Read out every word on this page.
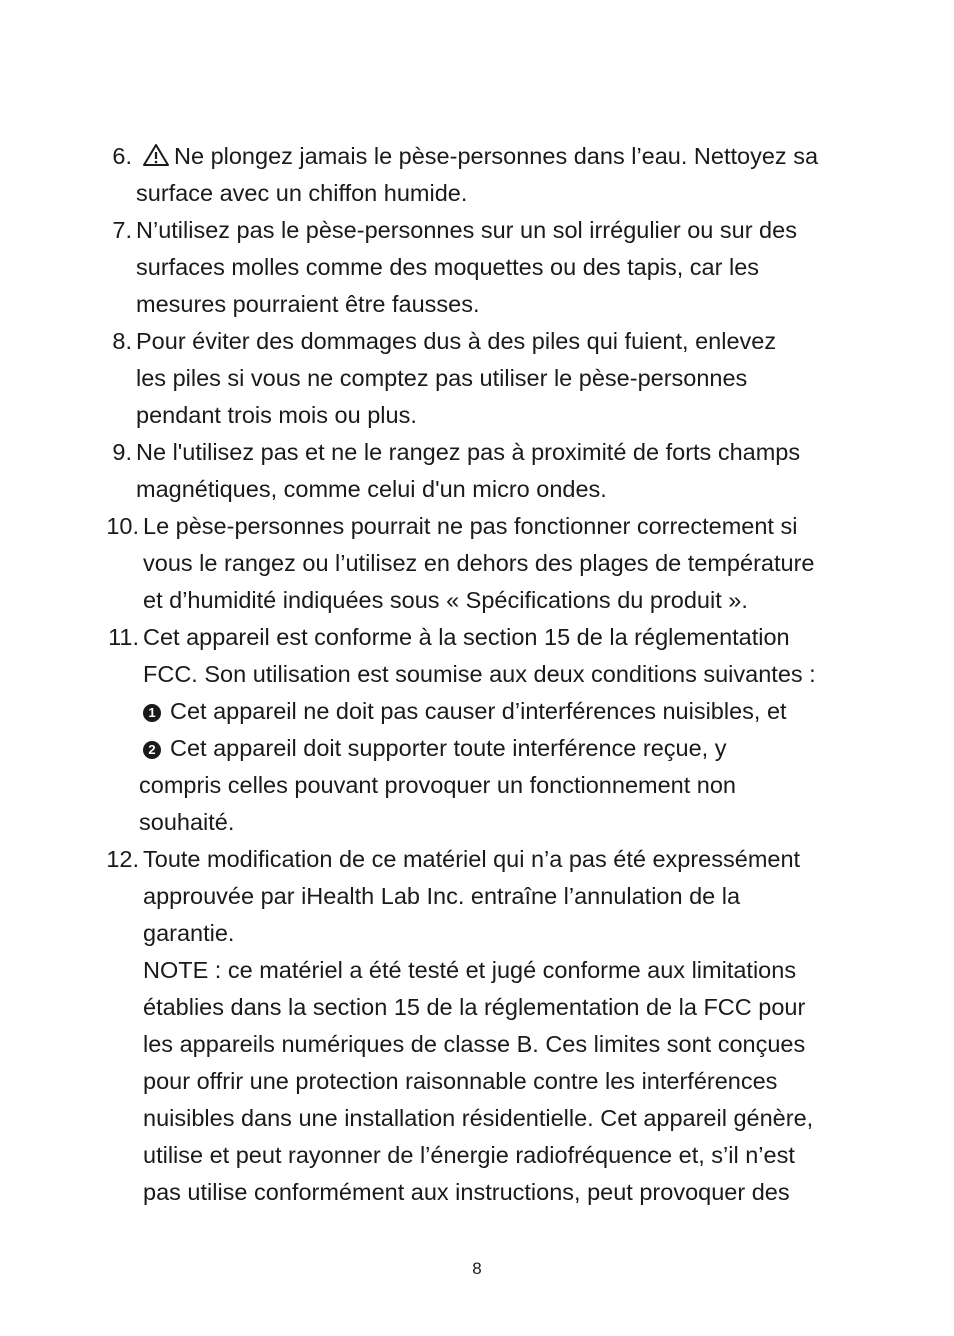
6.	Ne plongez jamais le pèse-personnes dans l’eau. Nettoyez sa
surface avec un chiffon humide.
7. N’utilisez pas le pèse-personnes sur un sol irrégulier ou sur des
surfaces molles comme des moquettes ou des tapis, car les
mesures pourraient être fausses.
8. Pour éviter des dommages dus à des piles qui fuient, enlevez
les piles si vous ne comptez pas utiliser le pèse-personnes
pendant trois mois ou plus.
9. Ne l'utilisez pas et ne le rangez pas à proximité de forts champs
magnétiques, comme celui d'un micro ondes.
10. Le pèse-personnes pourrait ne pas fonctionner correctement si
vous le rangez ou l’utilisez en dehors des plages de température
et d’humidité indiquées sous « Spécifications du produit ».
11. Cet appareil est conforme à la section 15 de la réglementation
FCC. Son utilisation est soumise aux deux conditions suivantes :
1 Cet appareil ne doit pas causer d’interférences nuisibles, et
2 Cet appareil doit supporter toute interférence reçue, y
compris celles pouvant provoquer un fonctionnement non
souhaité.
12. Toute modification de ce matériel qui n’a pas été expressément
approuvée par iHealth Lab Inc. entraîne l’annulation de la
garantie.
NOTE : ce matériel a été testé et jugé conforme aux limitations
établies dans la section 15 de la réglementation de la FCC pour
les appareils numériques de classe B. Ces limites sont conçues
pour offrir une protection raisonnable contre les interférences
nuisibles dans une installation résidentielle. Cet appareil génère,
utilise et peut rayonner de l’énergie radiofréquence et, s’il n’est
pas utilise conformément aux instructions, peut provoquer des
8
